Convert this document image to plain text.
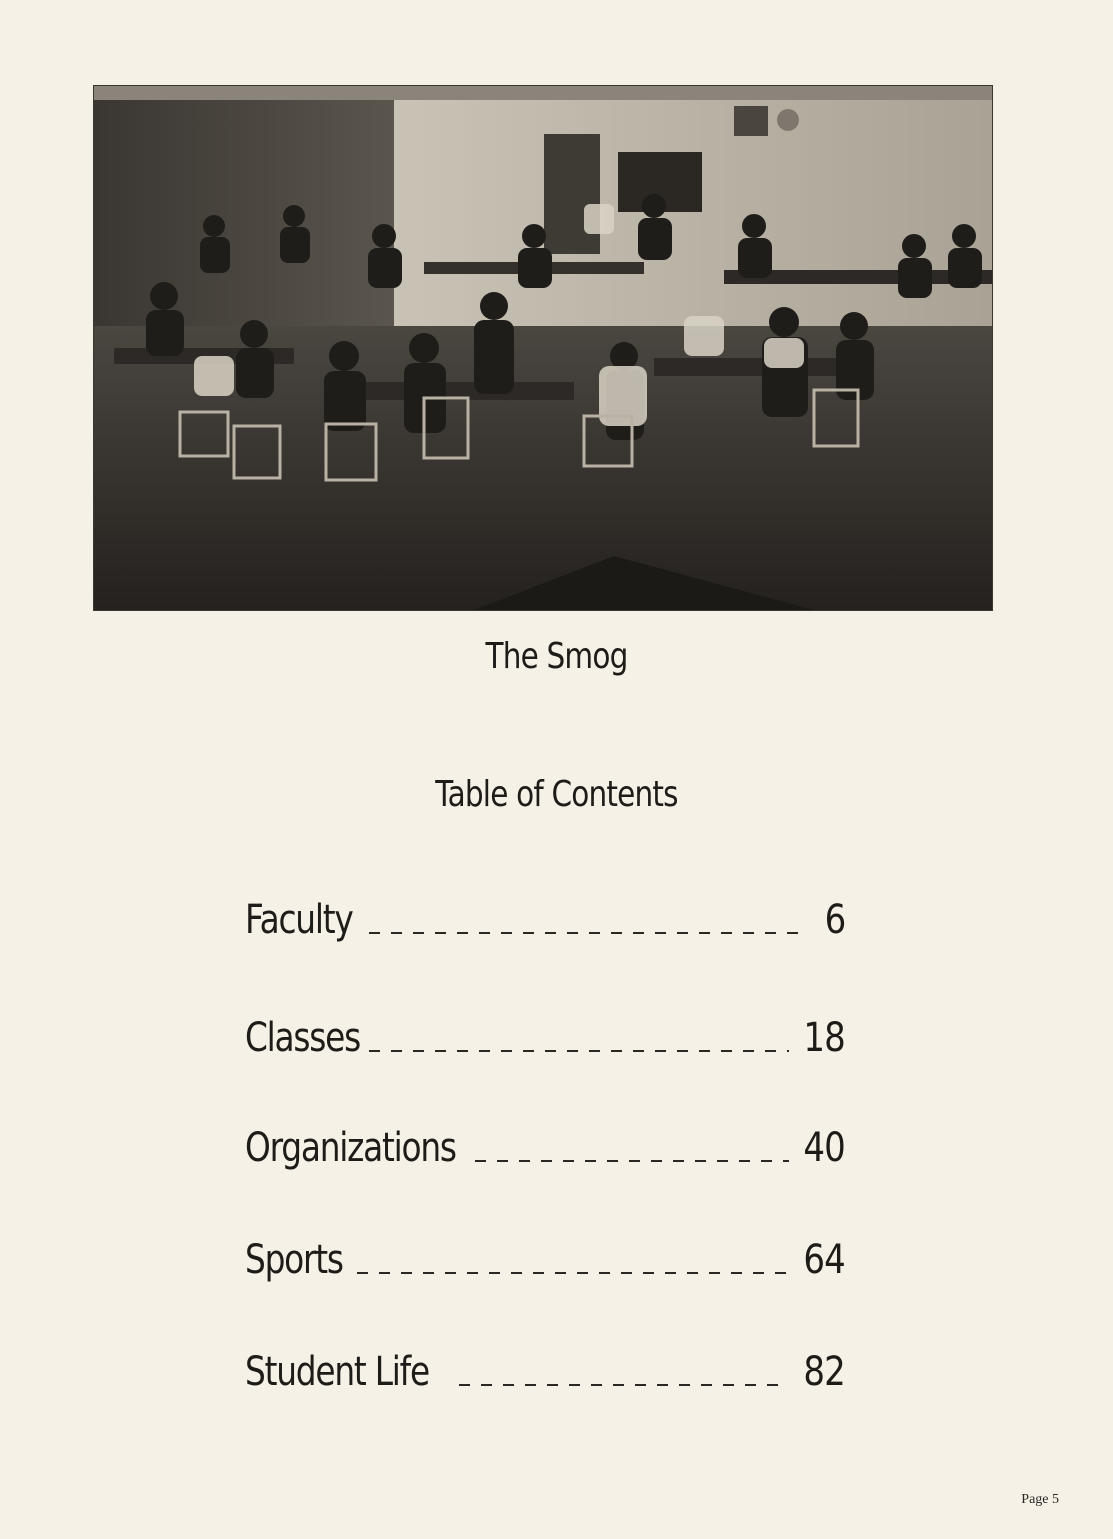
The Smog
Table of Contents
Faculty	6
Classes	18
Organizations	40
Sports	64
Student Life	82
Page 5
